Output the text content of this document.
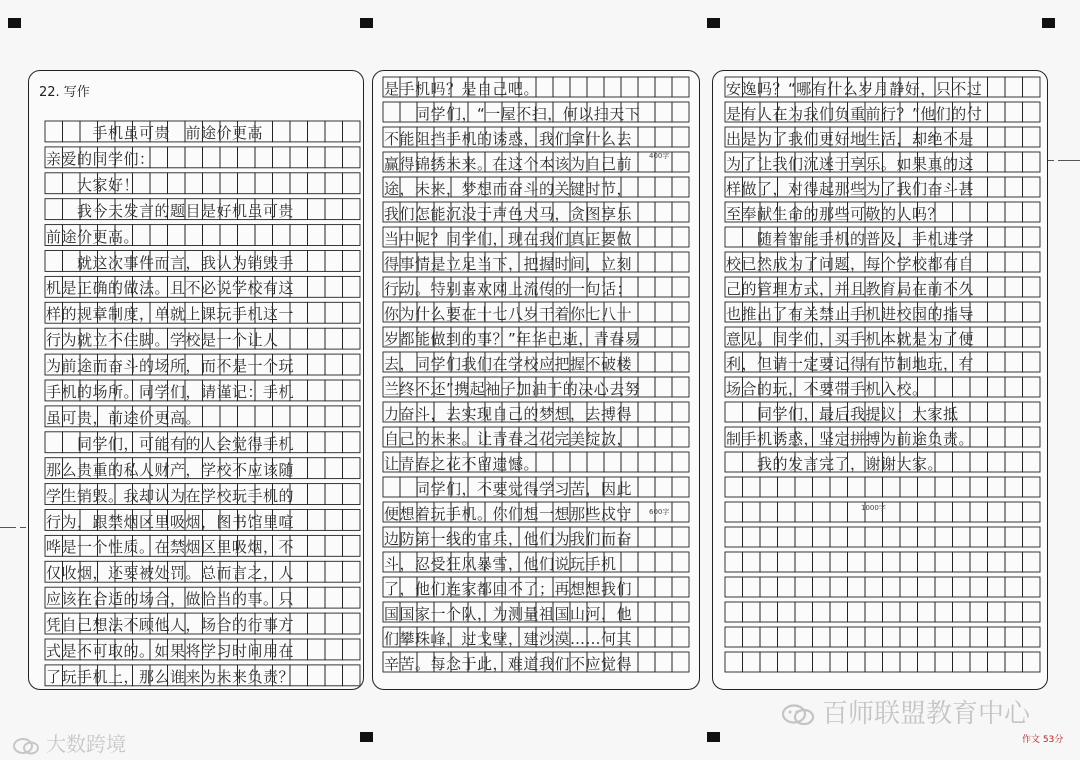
22. 写作
　　　手机虽可贵　前途价更高
亲爱的同学们：
　　大家好！
　　我今天发言的题目是好机虽可贵
前途价更高。
　　就这次事件而言，我认为销毁手
机是正确的做法。且不必说学校有这
样的规章制度，单就上课玩手机这一
行为就立不住脚。学校是一个让人
为前途而奋斗的场所，而不是一个玩
手机的场所。同学们，请谨记：手机
虽可贵，前途价更高。
　　同学们，可能有的人会觉得手机
那么贵重的私人财产，学校不应该随
学生销毁。我却认为在学校玩手机的
行为，跟禁烟区里吸烟，图书馆里喧
哗是一个性质。在禁烟区里吸烟，不
仅收烟，还要被处罚。总而言之，人
应该在合适的场合，做恰当的事。只
凭自己想法不顾他人，场合的行事方
式是不可取的。如果将学习时间用在
了玩手机上，那么谁来为未来负责？
是手机吗？是自己吧。
　　同学们，“一屋不扫，何以扫天下
不能阻挡手机的诱惑，我们拿什么去
赢得锦绣未来。在这个本该为自己前
途，未来，梦想而奋斗的关键时节，
我们怎能沉没于声色犬马，贪图享乐
当中呢？同学们，现在我们真正要做
得事情是立足当下，把握时间，立刻
行动。特别喜欢网上流传的一句话：
你为什么要在十七八岁干着你七八十
岁都能做到的事？”年华已逝，青春易
去，同学们我们在学校应把握不破楼
兰终不还”携起袖子加油干的决心去努
力奋斗，去实现自己的梦想，去搏得
自己的未来。让青春之花完美绽放，
让青春之花不留遗憾。
　　同学们，不要觉得学习苦，因此
便想着玩手机。你们想一想那些戍守
边防第一线的官兵，他们为我们而奋
斗，忍受狂风暴雪，他们说玩手机
了，他们连家都回不了；再想想我们
国国家一个队，为测量祖国山河，他
们攀珠峰，过戈壁，建沙漠……何其
辛苦。每念于此，难道我们不应觉得
400字
600字
安逸吗？“哪有什么岁月静好，只不过
是有人在为我们负重前行？”他们的付
出是为了我们更好地生活，却绝不是
为了让我们沉迷于享乐。如果真的这
样做了，对得起那些为了我们奋斗甚
至奉献生命的那些可敬的人吗？
　　随着智能手机的普及，手机进学
校已然成为了问题，每个学校都有自
己的管理方式，并且教育局在前不久
也推出了有关禁止手机进校园的指导
意见。同学们，买手机本就是为了便
利，但请一定要记得有节制地玩，有
场合的玩，不要带手机入校。
　　同学们，最后我提议：大家抵
制手机诱惑，坚定拼搏为前途负责。
　　我的发言完了，谢谢大家。
1000字
大数跨境
百师联盟教育中心
作文 53分
